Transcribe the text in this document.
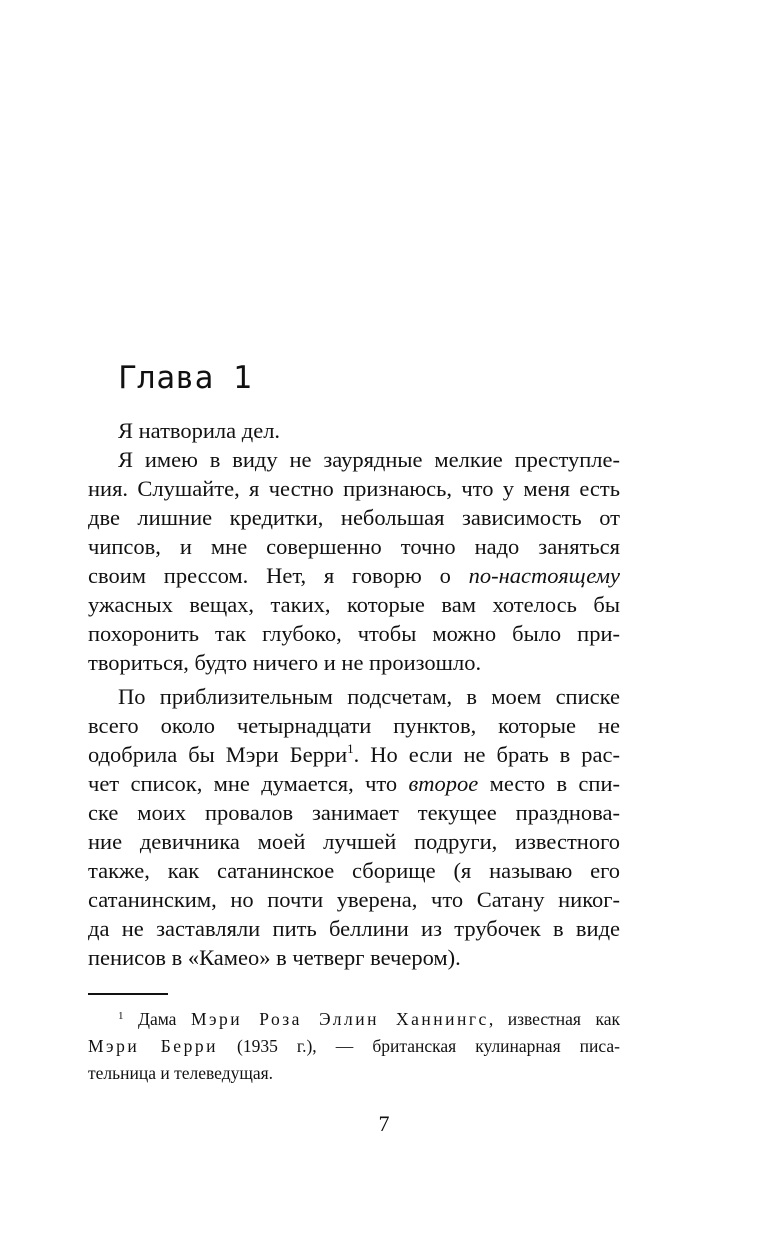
Глава 1
Я натворила дел.
Я имею в виду не заурядные мелкие преступле-
ния. Слушайте, я честно признаюсь, что у меня есть
две лишние кредитки, небольшая зависимость от
чипсов, и мне совершенно точно надо заняться
своим прессом. Нет, я говорю о по-настоящему
ужасных вещах, таких, которые вам хотелось бы
похоронить так глубоко, чтобы можно было при-
твориться, будто ничего и не произошло.
По приблизительным подсчетам, в моем списке
всего около четырнадцати пунктов, которые не
одобрила бы Мэри Берри$^1$. Но если не брать в рас-
чет список, мне думается, что второе место в спи-
ске моих провалов занимает текущее празднова-
ние девичника моей лучшей подруги, известного
также, как сатанинское сборище (я называю его
сатанинским, но почти уверена, что Сатану никог-
да не заставляли пить беллини из трубочек в виде
пенисов в «Камео» в четверг вечером).
$^1$ Дама Мэри Роза Эллин Ханнингс, известная как
Мэри Берри (1935 г.), — британская кулинарная писа-
тельница и телеведущая.
7
